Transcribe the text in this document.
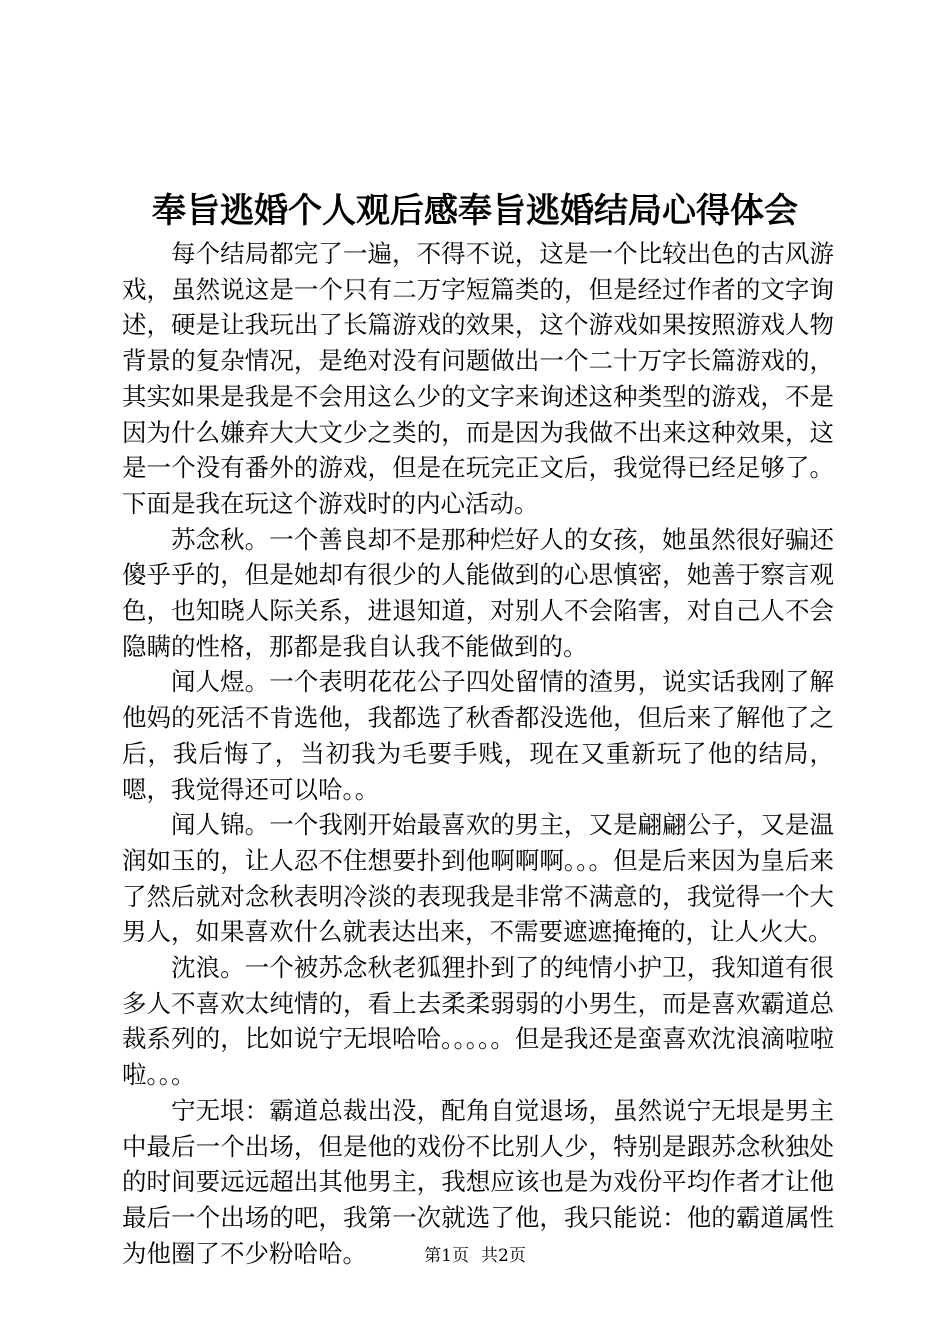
奉旨逃婚个人观后感奉旨逃婚结局心得体会

每个结局都完了一遍，不得不说，这是一个比较出色的古风游戏，虽然说这是一个只有二万字短篇类的，但是经过作者的文字询述，硬是让我玩出了长篇游戏的效果，这个游戏如果按照游戏人物背景的复杂情况，是绝对没有问题做出一个二十万字长篇游戏的，其实如果是我是不会用这么少的文字来询述这种类型的游戏，不是因为什么嫌弃大大文少之类的，而是因为我做不出来这种效果，这是一个没有番外的游戏，但是在玩完正文后，我觉得已经足够了。下面是我在玩这个游戏时的内心活动。

苏念秋。一个善良却不是那种烂好人的女孩，她虽然很好骗还傻乎乎的，但是她却有很少的人能做到的心思慎密，她善于察言观色，也知晓人际关系，进退知道，对别人不会陷害，对自己人不会隐瞒的性格，那都是我自认我不能做到的。

闻人煜。一个表明花花公子四处留情的渣男，说实话我刚了解他妈的死活不肯选他，我都选了秋香都没选他，但后来了解他了之后，我后悔了，当初我为毛要手贱，现在又重新玩了他的结局，嗯，我觉得还可以哈。。

闻人锦。一个我刚开始最喜欢的男主，又是翩翩公子，又是温润如玉的，让人忍不住想要扑到他啊啊啊。。。但是后来因为皇后来了然后就对念秋表明冷淡的表现我是非常不满意的，我觉得一个大男人，如果喜欢什么就表达出来，不需要遮遮掩掩的，让人火大。

沈浪。一个被苏念秋老狐狸扑到了的纯情小护卫，我知道有很多人不喜欢太纯情的，看上去柔柔弱弱的小男生，而是喜欢霸道总裁系列的，比如说宁无垠哈哈。。。。。但是我还是蛮喜欢沈浪滴啦啦啦。。。

宁无垠：霸道总裁出没，配角自觉退场，虽然说宁无垠是男主中最后一个出场，但是他的戏份不比别人少，特别是跟苏念秋独处的时间要远远超出其他男主，我想应该也是为戏份平均作者才让他最后一个出场的吧，我第一次就选了他，我只能说：他的霸道属性为他圈了不少粉哈哈。	第1页 共2页
